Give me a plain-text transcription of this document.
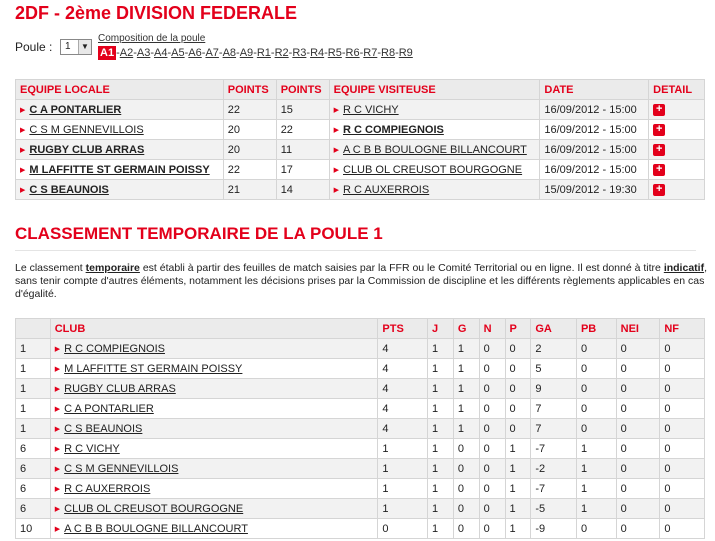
2DF - 2ème DIVISION FEDERALE
Poule : 1	▼
Composition de la poule
A1 -A2-A3-A4-A5-A6-A7-A8-A9-R1-R2-R3-R4-R5-R6-R7-R8-R9
EQUIPE LOCALE	POINTS	POINTS	EQUIPE VISITEUSE	DATE	DETAIL
▶ C A PONTARLIER	22	15	▶ R C VICHY	16/09/2012 - 15:00	+
▶ C S M GENNEVILLOIS	20	22	▶ R C COMPIEGNOIS	16/09/2012 - 15:00	+
▶ RUGBY CLUB ARRAS	20	11	▶ A C B B BOULOGNE BILLANCOURT	16/09/2012 - 15:00	+
▶ M LAFFITTE ST GERMAIN POISSY	22	17	▶ CLUB OL CREUSOT BOURGOGNE	16/09/2012 - 15:00	+
▶ C S BEAUNOIS	21	14	▶ R C AUXERROIS	15/09/2012 - 19:30	+
CLASSEMENT TEMPORAIRE DE LA POULE 1
Le classement temporaire est établi à partir des feuilles de match saisies par la FFR ou le Comité Territorial ou en ligne. Il est donné à titre indicatif, sans tenir compte d'autres éléments, notamment les décisions prises par la Commission de discipline et les différents règlements applicables en cas d'égalité.
	CLUB	PTS	J	G	N	P	GA	PB	NEI	NF
1	▶ R C COMPIEGNOIS	4	1	1	0	0	2	0	0	0
1	▶ M LAFFITTE ST GERMAIN POISSY	4	1	1	0	0	5	0	0	0
1	▶ RUGBY CLUB ARRAS	4	1	1	0	0	9	0	0	0
1	▶ C A PONTARLIER	4	1	1	0	0	7	0	0	0
1	▶ C S BEAUNOIS	4	1	1	0	0	7	0	0	0
6	▶ R C VICHY	1	1	0	0	1	-7	1	0	0
6	▶ C S M GENNEVILLOIS	1	1	0	0	1	-2	1	0	0
6	▶ R C AUXERROIS	1	1	0	0	1	-7	1	0	0
6	▶ CLUB OL CREUSOT BOURGOGNE	1	1	0	0	1	-5	1	0	0
10	▶ A C B B BOULOGNE BILLANCOURT	0	1	0	0	1	-9	0	0	0
